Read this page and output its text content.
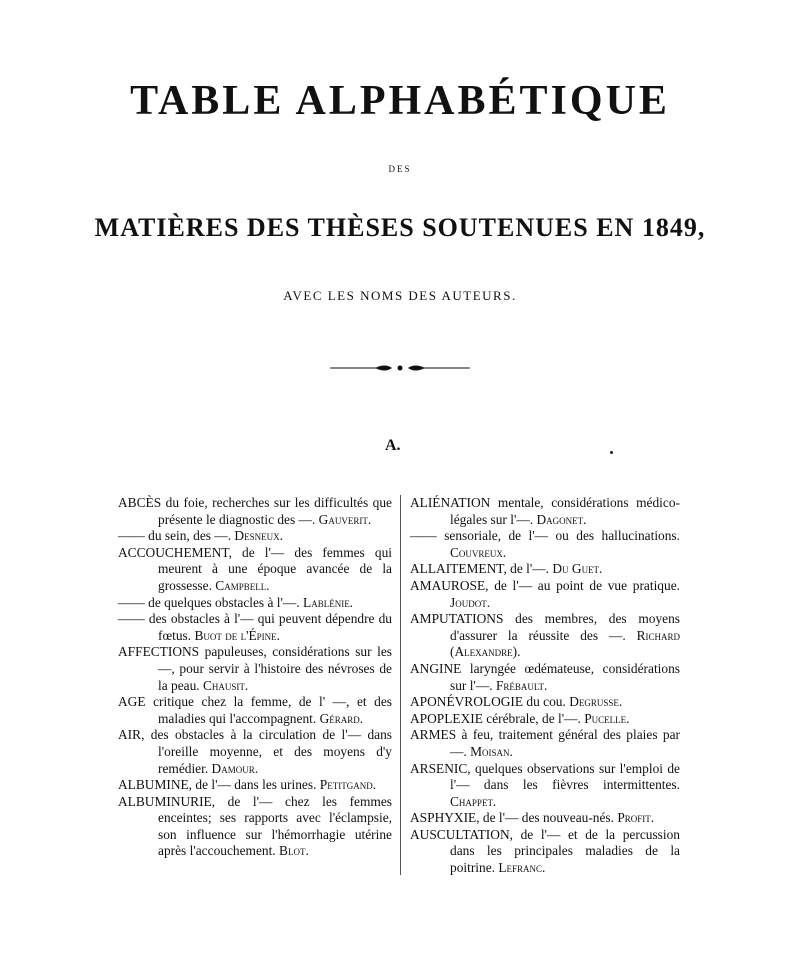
TABLE ALPHABÉTIQUE
DES
MATIÈRES DES THÈSES SOUTENUES EN 1849,
AVEC LES NOMS DES AUTEURS.
A.

ABCÈS du foie, recherches sur les difficultés que présente le diagnostic des —. Gauverit.

—— du sein, des —. Desneux.

ACCOUCHEMENT, de l'— des femmes qui meurent à une époque avancée de la grossesse. Campbell.

—— de quelques obstacles à l'—. Lablénie.

—— des obstacles à l'— qui peuvent dépendre du fœtus. Buot de l'Épine.

AFFECTIONS papuleuses, considérations sur les —, pour servir à l'histoire des névroses de la peau. Chausit.

AGE critique chez la femme, de l' —, et des maladies qui l'accompagnent. Gérard.

AIR, des obstacles à la circulation de l'— dans l'oreille moyenne, et des moyens d'y remédier. Damour.

ALBUMINE, de l'— dans les urines. Petitgand.

ALBUMINURIE, de l'— chez les femmes enceintes; ses rapports avec l'éclampsie, son influence sur l'hémorrhagie utérine après l'accouchement. Blot.

ALIÉNATION mentale, considérations médico-légales sur l'—. Dagonet.

—— sensoriale, de l'— ou des hallucinations. Couvreux.

ALLAITEMENT, de l'—. Du Guet.

AMAUROSE, de l'— au point de vue pratique. Joudot.

AMPUTATIONS des membres, des moyens d'assurer la réussite des —. Richard (Alexandre).

ANGINE laryngée œdémateuse, considérations sur l'—. Frébault.

APONÉVROLOGIE du cou. Degrusse.

APOPLEXIE cérébrale, de l'—. Pucelle.

ARMES à feu, traitement général des plaies par —. Moisan.

ARSENIC, quelques observations sur l'emploi de l'— dans les fièvres intermittentes. Chappet.

ASPHYXIE, de l'— des nouveau-nés. Profit.

AUSCULTATION, de l'— et de la percussion dans les principales maladies de la poitrine. Lefranc.
